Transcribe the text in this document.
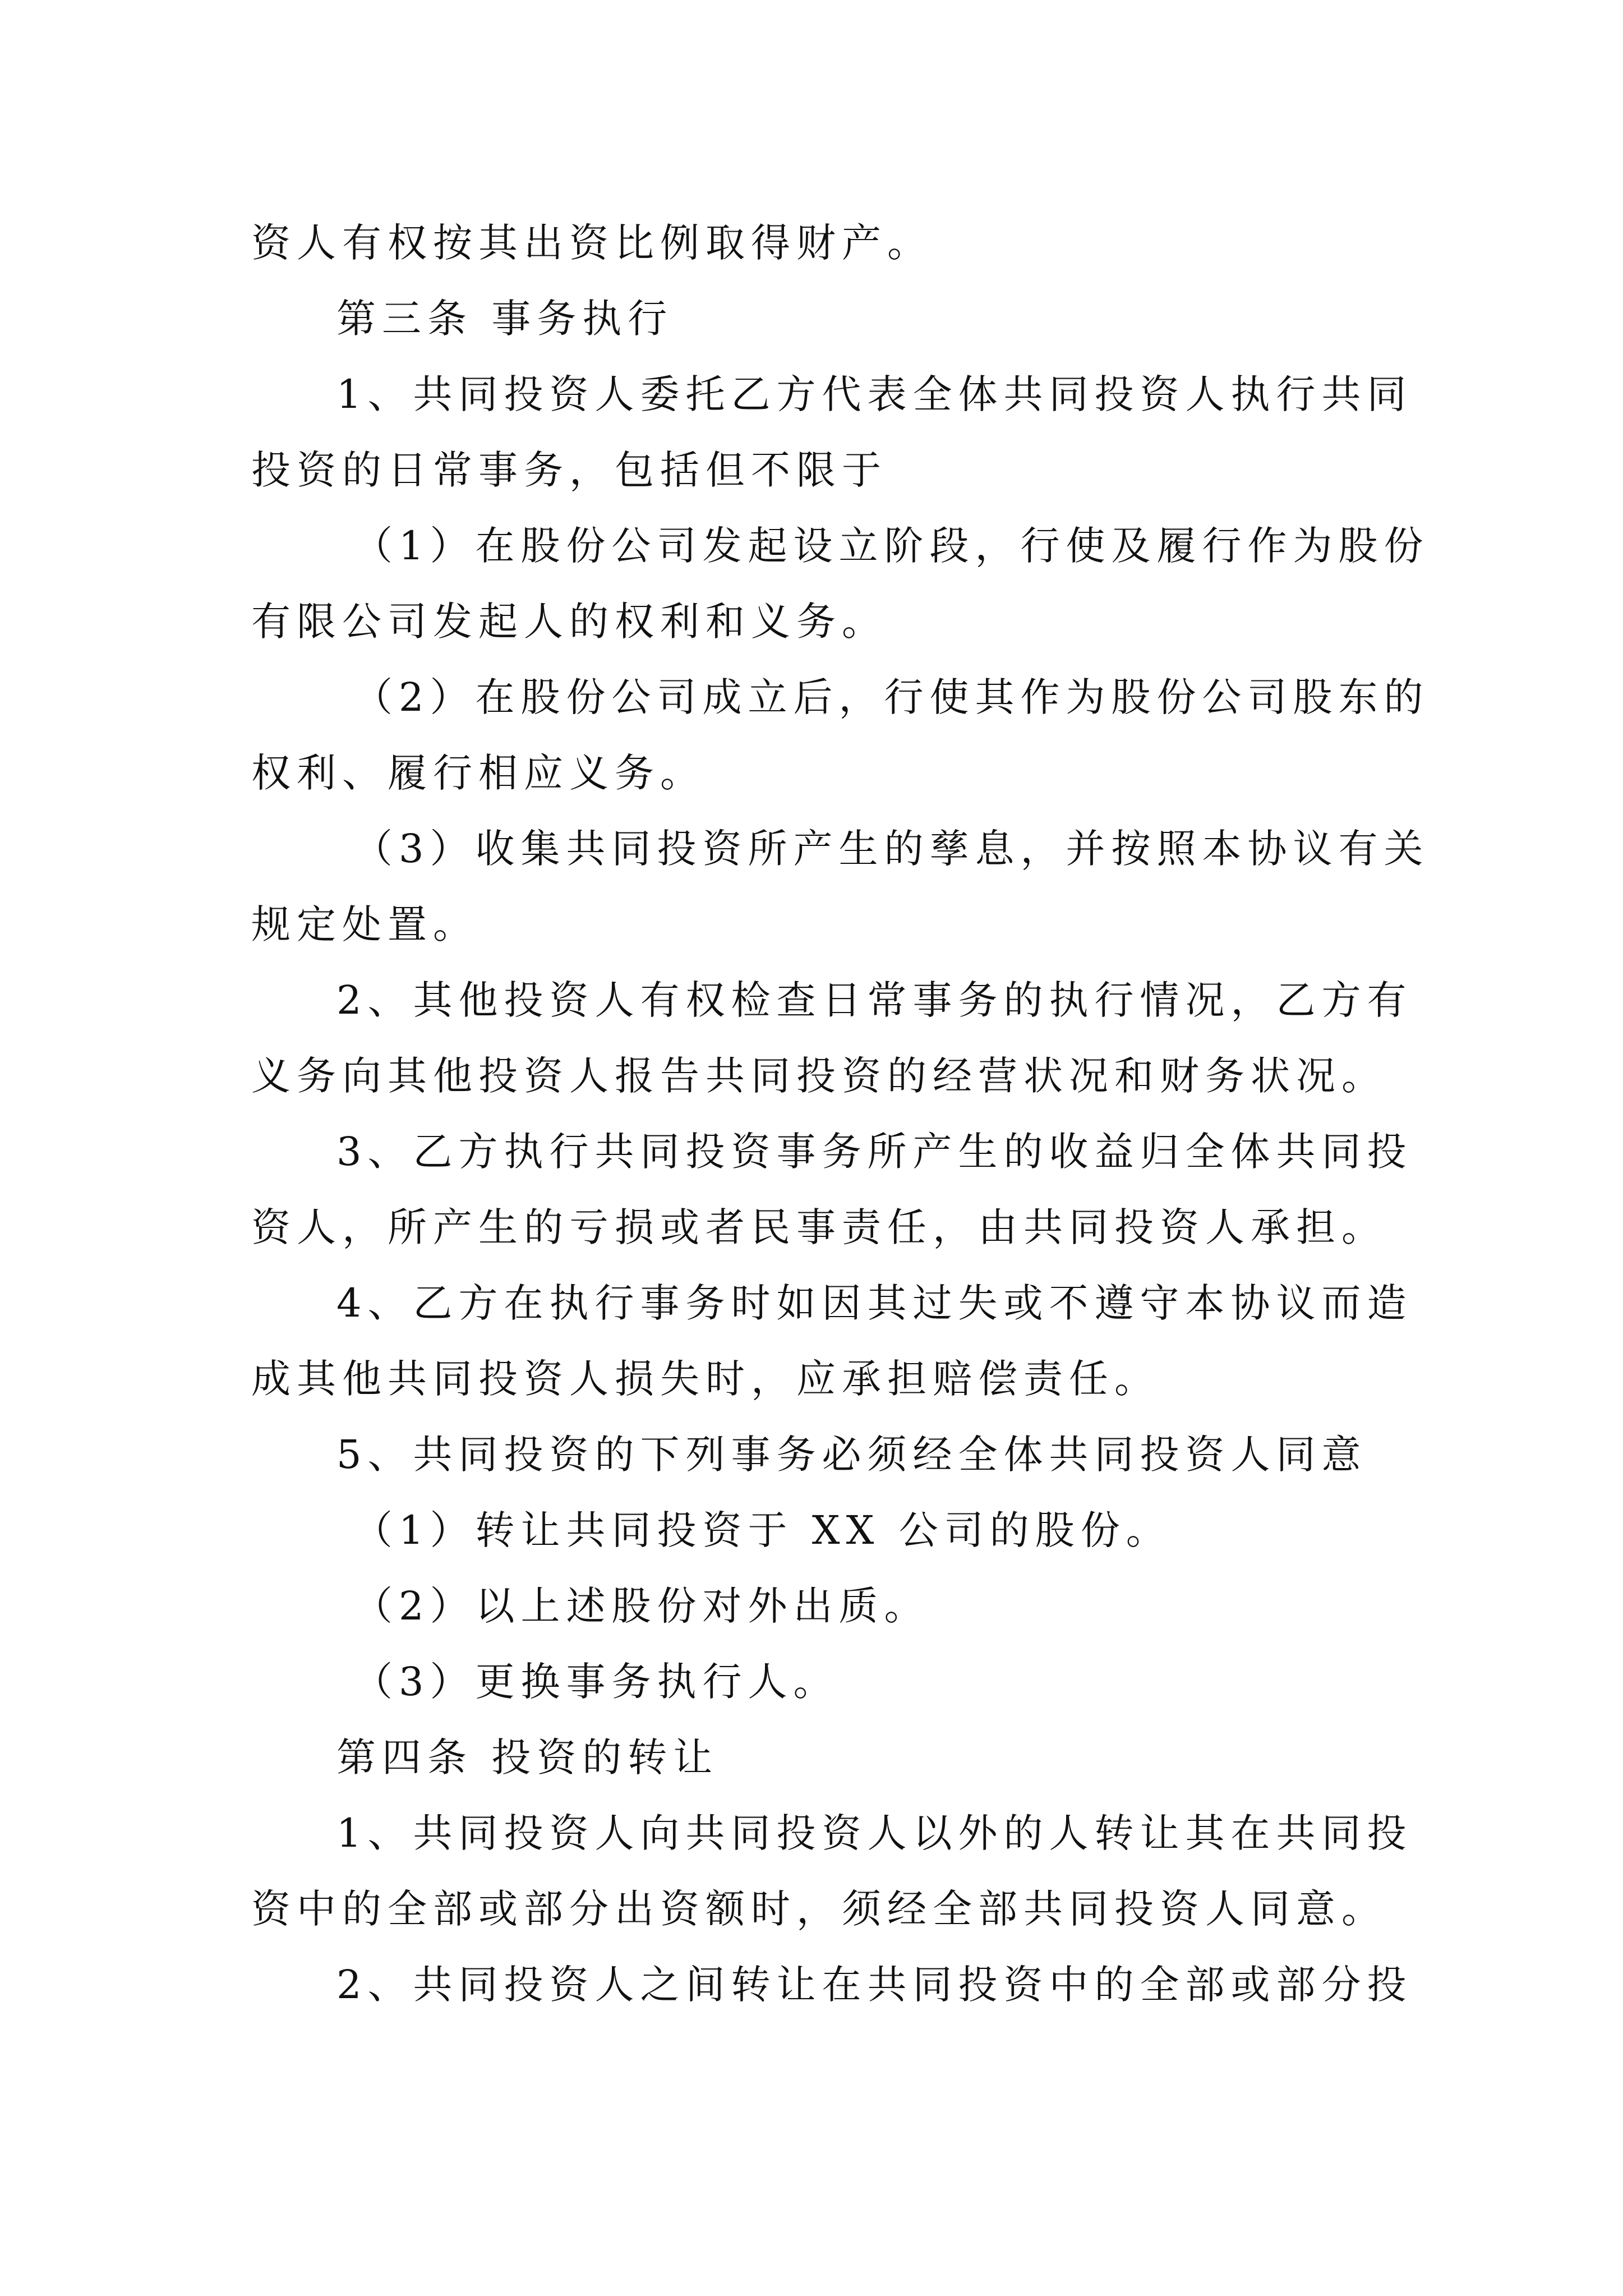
资人有权按其出资比例取得财产。
第三条 事务执行
1、共同投资人委托乙方代表全体共同投资人执行共同
投资的日常事务，包括但不限于
（1）在股份公司发起设立阶段，行使及履行作为股份
有限公司发起人的权利和义务。
（2）在股份公司成立后，行使其作为股份公司股东的
权利、履行相应义务。
（3）收集共同投资所产生的孳息，并按照本协议有关
规定处置。
2、其他投资人有权检查日常事务的执行情况，乙方有
义务向其他投资人报告共同投资的经营状况和财务状况。
3、乙方执行共同投资事务所产生的收益归全体共同投
资人，所产生的亏损或者民事责任，由共同投资人承担。
4、乙方在执行事务时如因其过失或不遵守本协议而造
成其他共同投资人损失时，应承担赔偿责任。
5、共同投资的下列事务必须经全体共同投资人同意
（1）转让共同投资于 XX 公司的股份。
（2）以上述股份对外出质。
（3）更换事务执行人。
第四条 投资的转让
1、共同投资人向共同投资人以外的人转让其在共同投
资中的全部或部分出资额时，须经全部共同投资人同意。
2、共同投资人之间转让在共同投资中的全部或部分投
